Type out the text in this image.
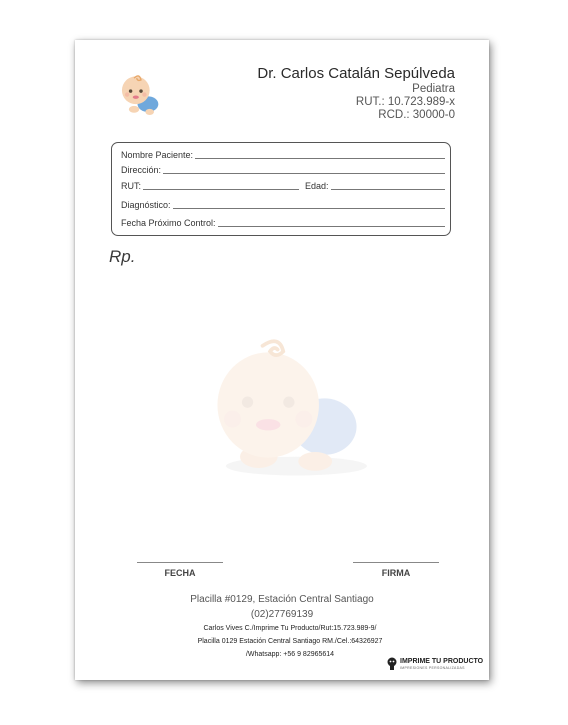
Dr. Carlos Catalán Sepúlveda
Pediatra
RUT.: 10.723.989-x
RCD.: 30000-0
Nombre Paciente:
Dirección:
RUT:	Edad:
Diagnóstico:
Fecha Próximo Control:
Rp.
FECHA	FIRMA
Placilla #0129, Estación Central Santiago
(02)27769139
Carlos Vives C./Imprime Tu Producto/Rut:15.723.989-9/
Placilla 0129 Estación Central Santiago RM./Cel.:64326927
/Whatsapp: +56 9 82965614
IMPRIME TU PRODUCTO
IMPRESIONES PERSONALIZADAS
